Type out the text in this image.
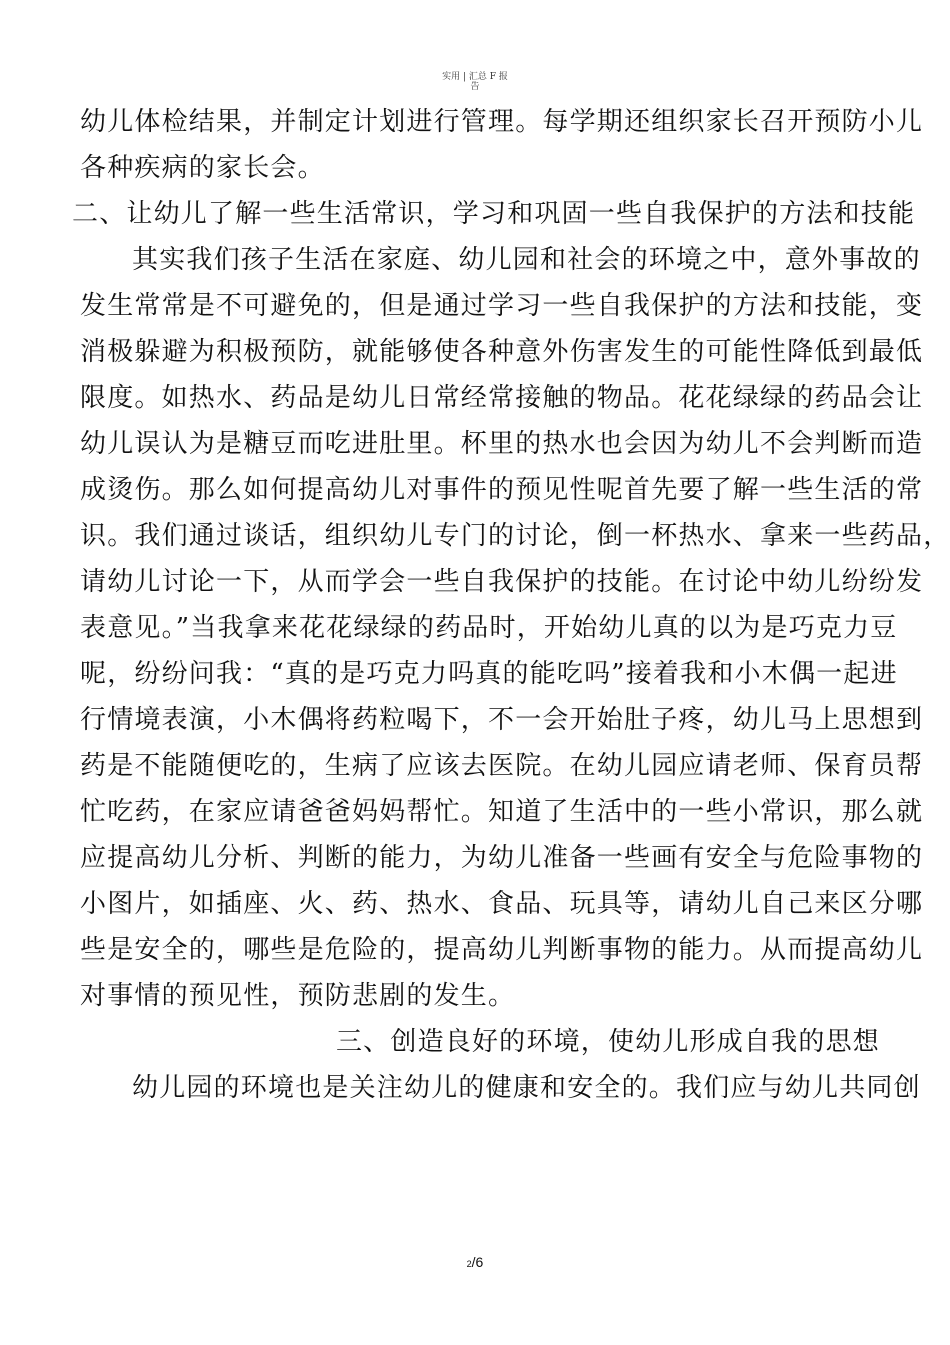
实用 | 汇总 F 报
告
幼儿体检结果，并制定计划进行管理。每学期还组织家长召开预防小儿
各种疾病的家长会。
二、让幼儿了解一些生活常识，学习和巩固一些自我保护的方法和技能
其实我们孩子生活在家庭、幼儿园和社会的环境之中，意外事故的
发生常常是不可避免的，但是通过学习一些自我保护的方法和技能，变
消极躲避为积极预防，就能够使各种意外伤害发生的可能性降低到最低
限度。如热水、药品是幼儿日常经常接触的物品。花花绿绿的药品会让
幼儿误认为是糖豆而吃进肚里。杯里的热水也会因为幼儿不会判断而造
成烫伤。那么如何提高幼儿对事件的预见性呢首先要了解一些生活的常
识。我们通过谈话，组织幼儿专门的讨论，倒一杯热水、拿来一些药品，
请幼儿讨论一下，从而学会一些自我保护的技能。在讨论中幼儿纷纷发
表意见。”当我拿来花花绿绿的药品时，开始幼儿真的以为是巧克力豆
呢，纷纷问我：“真的是巧克力吗真的能吃吗”接着我和小木偶一起进
行情境表演，小木偶将药粒喝下，不一会开始肚子疼，幼儿马上思想到
药是不能随便吃的，生病了应该去医院。在幼儿园应请老师、保育员帮
忙吃药，在家应请爸爸妈妈帮忙。知道了生活中的一些小常识，那么就
应提高幼儿分析、判断的能力，为幼儿准备一些画有安全与危险事物的
小图片，如插座、火、药、热水、食品、玩具等，请幼儿自己来区分哪
些是安全的，哪些是危险的，提高幼儿判断事物的能力。从而提高幼儿
对事情的预见性，预防悲剧的发生。
三、创造良好的环境，使幼儿形成自我的思想
幼儿园的环境也是关注幼儿的健康和安全的。我们应与幼儿共同创
2/6
